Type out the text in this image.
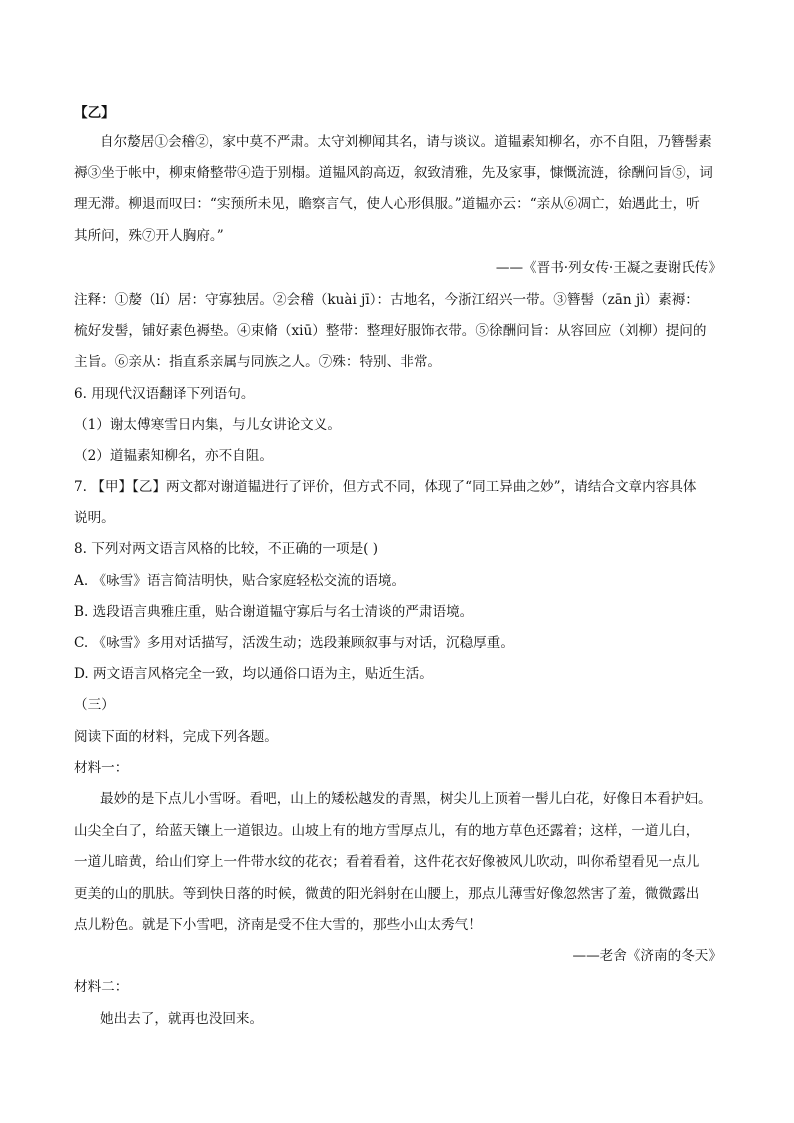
【乙】
自尔嫠居①会稽②，家中莫不严肃。太守刘柳闻其名，请与谈议。道韫素知柳名，亦不自阻，乃簪髻素
褥③坐于帐中，柳束脩整带④造于别榻。道韫风韵高迈，叙致清雅，先及家事，慷慨流涟，徐酬问旨⑤，词
理无滞。柳退而叹曰：“实预所未见，瞻察言气，使人心形俱服。”道韫亦云：“亲从⑥凋亡，始遇此士，听
其所问，殊⑦开人胸府。”
——《晋书·列女传·王凝之妻谢氏传》
注释：①嫠（lí）居：守寡独居。②会稽（kuài jī）：古地名，今浙江绍兴一带。③簪髻（zān jì）素褥：
梳好发髻，铺好素色褥垫。④束脩（xiū）整带：整理好服饰衣带。⑤徐酬问旨：从容回应（刘柳）提问的
主旨。⑥亲从：指直系亲属与同族之人。⑦殊：特别、非常。
6. 用现代汉语翻译下列语句。
（1）谢太傅寒雪日内集，与儿女讲论文义。
（2）道韫素知柳名，亦不自阻。
7. 【甲】【乙】两文都对谢道韫进行了评价，但方式不同，体现了“同工异曲之妙”，请结合文章内容具体
说明。
8. 下列对两文语言风格的比较，不正确的一项是( )
A. 《咏雪》语言简洁明快，贴合家庭轻松交流的语境。
B. 选段语言典雅庄重，贴合谢道韫守寡后与名士清谈的严肃语境。
C. 《咏雪》多用对话描写，活泼生动；选段兼顾叙事与对话，沉稳厚重。
D. 两文语言风格完全一致，均以通俗口语为主，贴近生活。
（三）
阅读下面的材料，完成下列各题。
材料一：
最妙的是下点儿小雪呀。看吧，山上的矮松越发的青黑，树尖儿上顶着一髻儿白花，好像日本看护妇。
山尖全白了，给蓝天镶上一道银边。山坡上有的地方雪厚点儿，有的地方草色还露着；这样，一道儿白，
一道儿暗黄，给山们穿上一件带水纹的花衣；看着看着，这件花衣好像被风儿吹动，叫你希望看见一点儿
更美的山的肌肤。等到快日落的时候，微黄的阳光斜射在山腰上，那点儿薄雪好像忽然害了羞，微微露出
点儿粉色。就是下小雪吧，济南是受不住大雪的，那些小山太秀气！
——老舍《济南的冬天》
材料二：
她出去了，就再也没回来。
